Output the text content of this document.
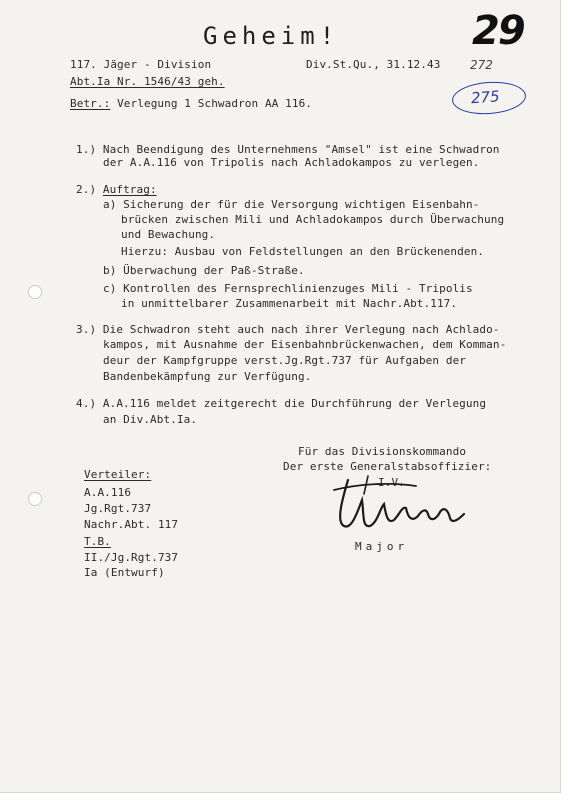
Geheim!	29
272
275
117. Jäger - Division	Div.St.Qu., 31.12.43
Abt.Ia Nr. 1546/43 geh.
Betr.: Verlegung 1 Schwadron AA 116.
1.) Nach Beendigung des Unternehmens "Amsel" ist eine Schwadron
der A.A.116 von Tripolis nach Achladokampos zu verlegen.
2.) Auftrag:
a) Sicherung der für die Versorgung wichtigen Eisenbahn-
brücken zwischen Mili und Achladokampos durch Überwachung
und Bewachung.
Hierzu: Ausbau von Feldstellungen an den Brückenenden.
b) Überwachung der Paß-Straße.
c) Kontrollen des Fernsprechlinienzuges Mili - Tripolis
in unmittelbarer Zusammenarbeit mit Nachr.Abt.117.
3.) Die Schwadron steht auch nach ihrer Verlegung nach Achlado-
kampos, mit Ausnahme der Eisenbahnbrückenwachen, dem Komman-
deur der Kampfgruppe verst.Jg.Rgt.737 für Aufgaben der
Bandenbekämpfung zur Verfügung.
4.) A.A.116 meldet zeitgerecht die Durchführung der Verlegung
an Div.Abt.Ia.
Für das Divisionskommando
Der erste Generalstabsoffizier:
I.V.
Major
Verteiler:
A.A.116
Jg.Rgt.737
Nachr.Abt. 117
T.B.
II./Jg.Rgt.737
Ia (Entwurf)
